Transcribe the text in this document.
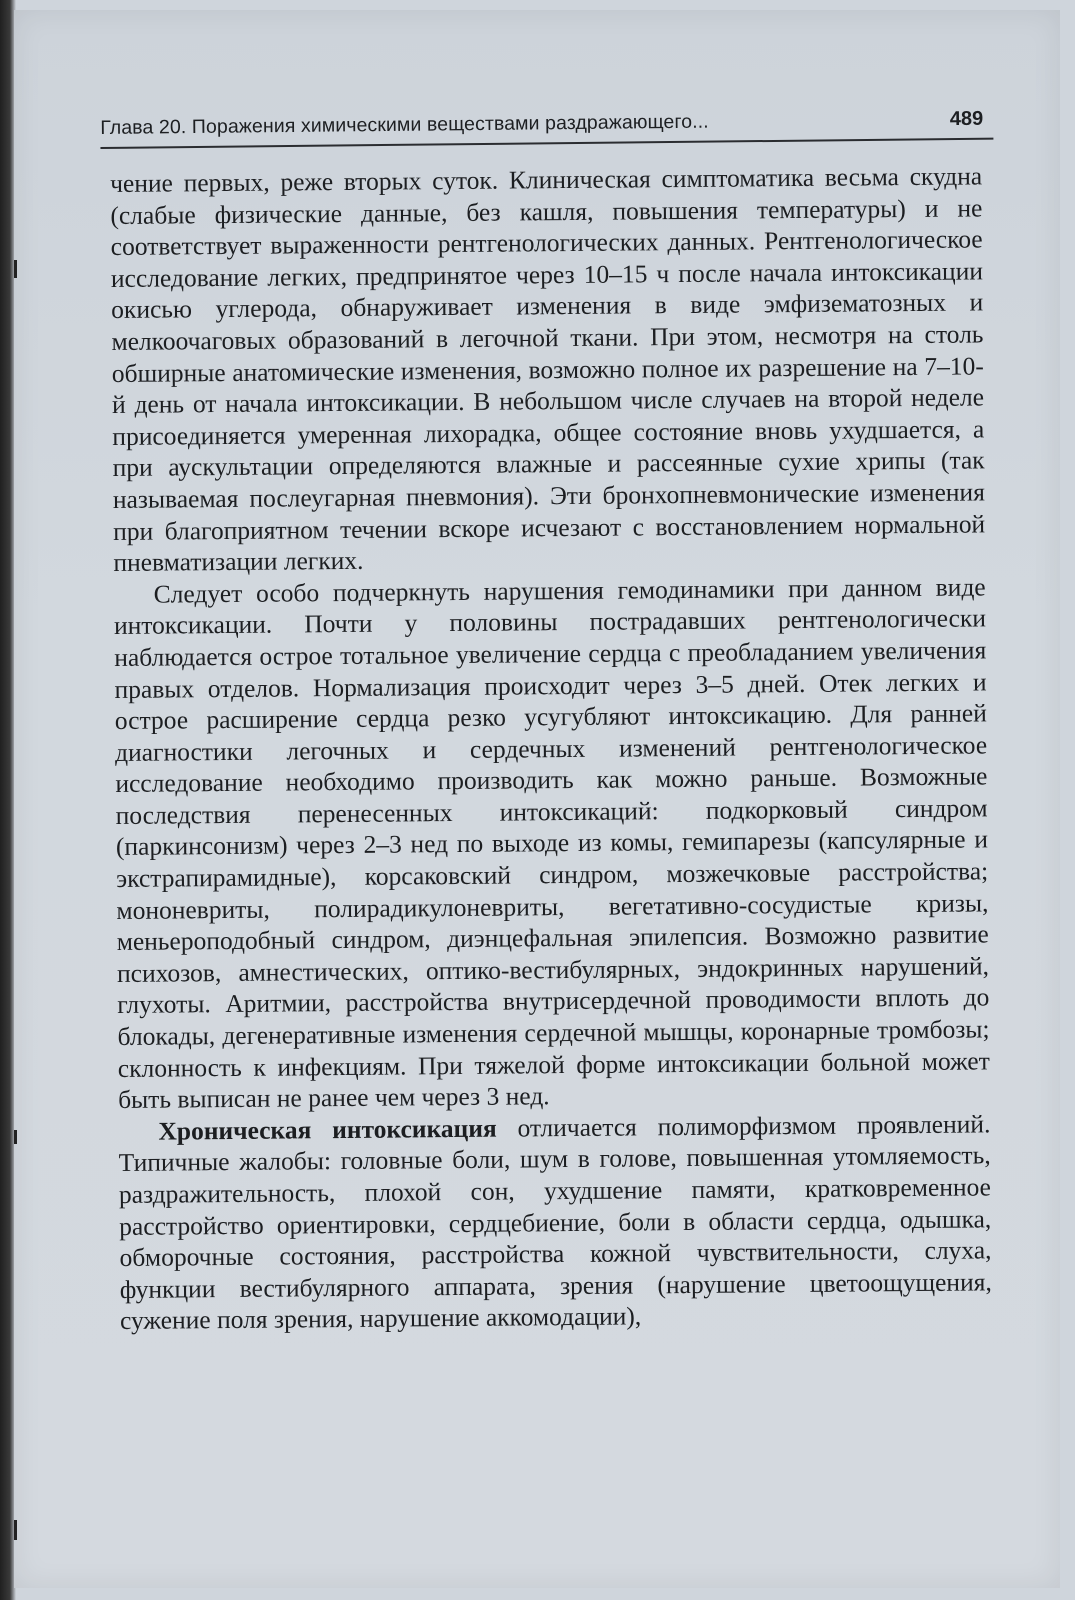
Глава 20. Поражения химическими веществами раздражающего...	489

чение первых, реже вторых суток. Клиническая симптоматика весьма скудна (слабые физические данные, без кашля, повышения температуры) и не соответствует выраженности рентгенологических данных. Рентгенологическое исследование легких, предпринятое через 10–15 ч после начала интоксикации окисью углерода, обнаруживает изменения в виде эмфизематозных и мелкоочаговых образований в легочной ткани. При этом, несмотря на столь обширные анатомические изменения, возможно полное их разрешение на 7–10-й день от начала интоксикации. В небольшом числе случаев на второй неделе присоединяется умеренная лихорадка, общее состояние вновь ухудшается, а при аускультации определяются влажные и рассеянные сухие хрипы (так называемая послеугарная пневмония). Эти бронхопневмонические изменения при благоприятном течении вскоре исчезают с восстановлением нормальной пневматизации легких.

Следует особо подчеркнуть нарушения гемодинамики при данном виде интоксикации. Почти у половины пострадавших рентгенологически наблюдается острое тотальное увеличение сердца с преобладанием увеличения правых отделов. Нормализация происходит через 3–5 дней. Отек легких и острое расширение сердца резко усугубляют интоксикацию. Для ранней диагностики легочных и сердечных изменений рентгенологическое исследование необходимо производить как можно раньше. Возможные последствия перенесенных интоксикаций: подкорковый синдром (паркинсонизм) через 2–3 нед по выходе из комы, гемипарезы (капсулярные и экстрапирамидные), корсаковский синдром, мозжечковые расстройства; мононевриты, полирадикулоневриты, вегетативно-сосудистые кризы, меньероподобный синдром, диэнцефальная эпилепсия. Возможно развитие психозов, амнестических, оптико-вестибулярных, эндокринных нарушений, глухоты. Аритмии, расстройства внутрисердечной проводимости вплоть до блокады, дегенеративные изменения сердечной мышцы, коронарные тромбозы; склонность к инфекциям. При тяжелой форме интоксикации больной может быть выписан не ранее чем через 3 нед.

Хроническая интоксикация отличается полиморфизмом проявлений. Типичные жалобы: головные боли, шум в голове, повышенная утомляемость, раздражительность, плохой сон, ухудшение памяти, кратковременное расстройство ориентировки, сердцебиение, боли в области сердца, одышка, обморочные состояния, расстройства кожной чувствительности, слуха, функции вестибулярного аппарата, зрения (нарушение цветоощущения, сужение поля зрения, нарушение аккомодации),
